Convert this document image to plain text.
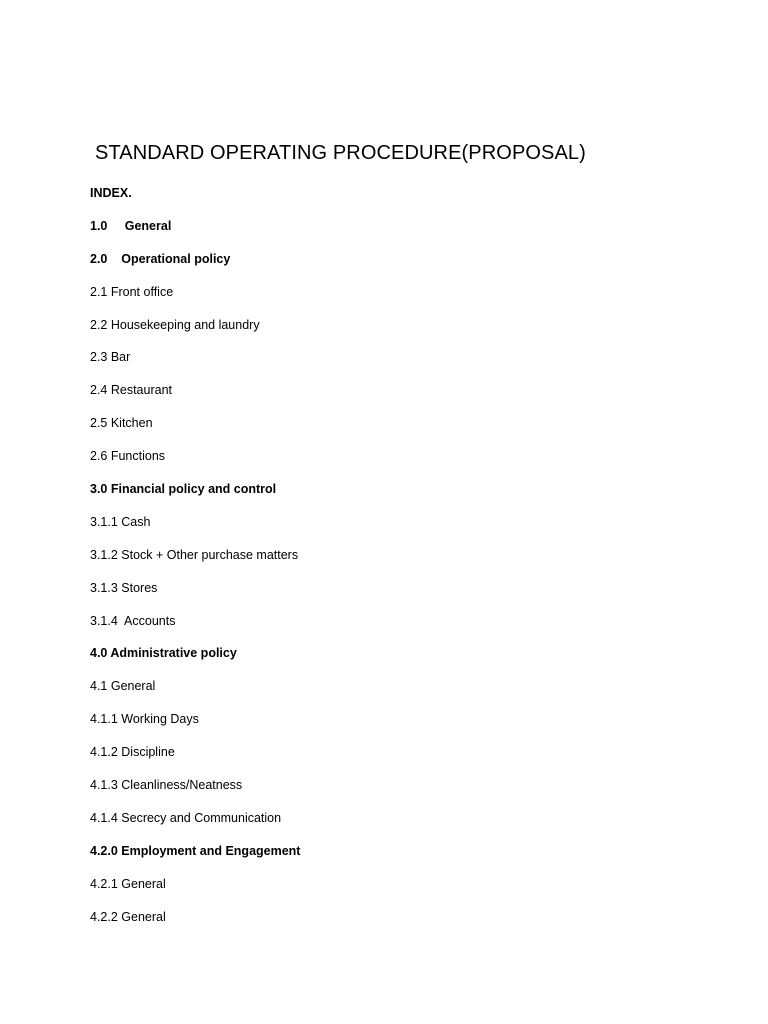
STANDARD OPERATING PROCEDURE(PROPOSAL)
INDEX.
1.0     General
2.0    Operational policy
2.1 Front office
2.2 Housekeeping and laundry
2.3 Bar
2.4 Restaurant
2.5 Kitchen
2.6 Functions
3.0 Financial policy and control
3.1.1 Cash
3.1.2 Stock + Other purchase matters
3.1.3 Stores
3.1.4  Accounts
4.0 Administrative policy
4.1 General
4.1.1 Working Days
4.1.2 Discipline
4.1.3 Cleanliness/Neatness
4.1.4 Secrecy and Communication
4.2.0 Employment and Engagement
4.2.1 General
4.2.2 General
